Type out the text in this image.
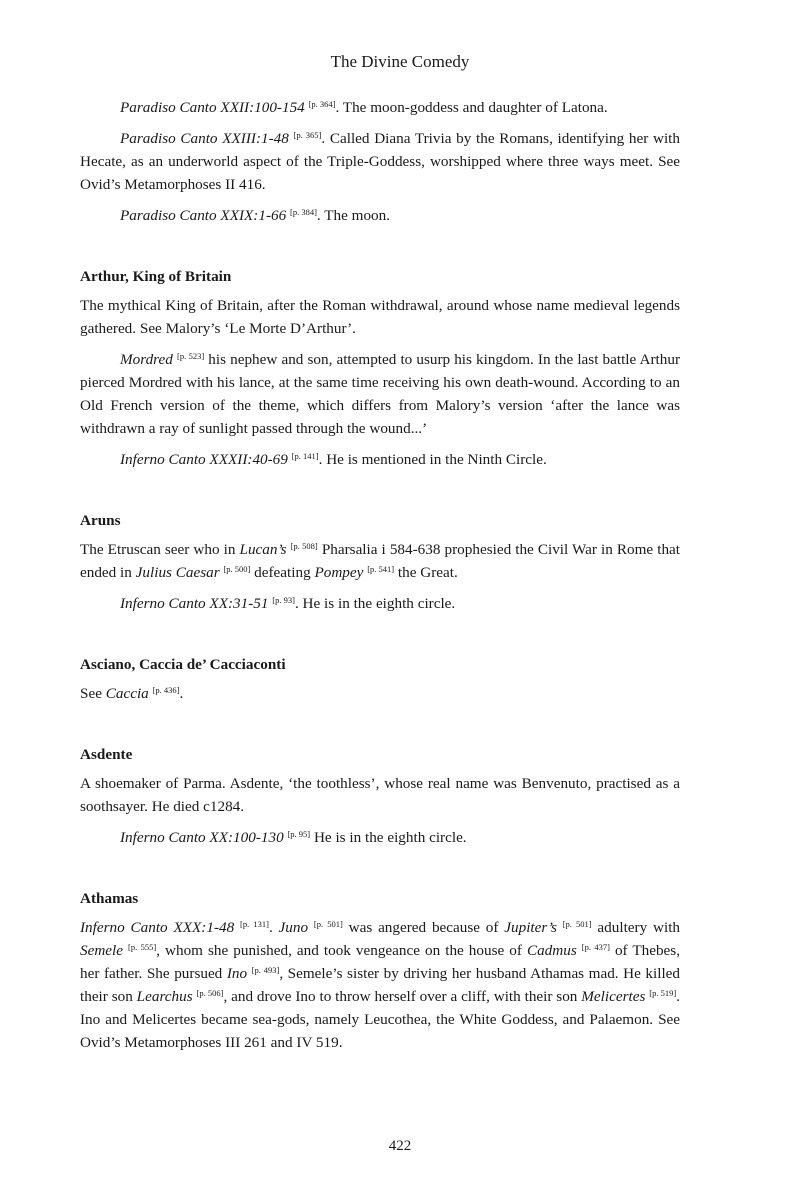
The Divine Comedy

Paradiso Canto XXII:100-154 [p. 364]. The moon-goddess and daughter of Latona.

Paradiso Canto XXIII:1-48 [p. 365]. Called Diana Trivia by the Romans, identifying her with Hecate, as an underworld aspect of the Triple-Goddess, worshipped where three ways meet. See Ovid’s Metamorphoses II 416.

Paradiso Canto XXIX:1-66 [p. 384]. The moon.

Arthur, King of Britain

The mythical King of Britain, after the Roman withdrawal, around whose name medieval legends gathered. See Malory’s ‘Le Morte D’Arthur’.

Mordred [p. 523] his nephew and son, attempted to usurp his kingdom. In the last battle Arthur pierced Mordred with his lance, at the same time receiving his own death-wound. According to an Old French version of the theme, which differs from Malory’s version ‘after the lance was withdrawn a ray of sunlight passed through the wound...’

Inferno Canto XXXII:40-69 [p. 141]. He is mentioned in the Ninth Circle.

Aruns

The Etruscan seer who in Lucan’s [p. 508] Pharsalia i 584-638 prophesied the Civil War in Rome that ended in Julius Caesar [p. 500] defeating Pompey [p. 541] the Great.

Inferno Canto XX:31-51 [p. 93]. He is in the eighth circle.

Asciano, Caccia de’ Cacciaconti

See Caccia [p. 436].

Asdente

A shoemaker of Parma. Asdente, ‘the toothless’, whose real name was Benvenuto, practised as a soothsayer. He died c1284.

Inferno Canto XX:100-130 [p. 95] He is in the eighth circle.

Athamas

Inferno Canto XXX:1-48 [p. 131]. Juno [p. 501] was angered because of Jupiter’s [p. 501] adultery with Semele [p. 555], whom she punished, and took vengeance on the house of Cadmus [p. 437] of Thebes, her father. She pursued Ino [p. 493], Semele’s sister by driving her husband Athamas mad. He killed their son Learchus [p. 506], and drove Ino to throw herself over a cliff, with their son Melicertes [p. 519]. Ino and Melicertes became sea-gods, namely Leucothea, the White Goddess, and Palaemon. See Ovid’s Metamorphoses III 261 and IV 519.

422
